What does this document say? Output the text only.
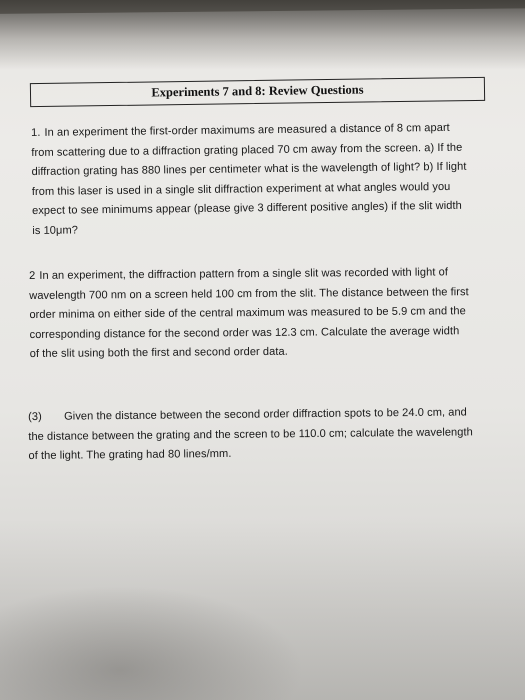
Experiments 7 and 8: Review Questions
1. In an experiment the first-order maximums are measured a distance of 8 cm apart
from scattering due to a diffraction grating placed 70 cm away from the screen. a) If the
diffraction grating has 880 lines per centimeter what is the wavelength of light? b) If light
from this laser is used in a single slit diffraction experiment at what angles would you
expect to see minimums appear (please give 3 different positive angles) if the slit width
is 10μm?
2 In an experiment, the diffraction pattern from a single slit was recorded with light of
wavelength 700 nm on a screen held 100 cm from the slit. The distance between the first
order minima on either side of the central maximum was measured to be 5.9 cm and the
corresponding distance for the second order was 12.3 cm. Calculate the average width
of the slit using both the first and second order data.
(3) Given the distance between the second order diffraction spots to be 24.0 cm, and
the distance between the grating and the screen to be 110.0 cm; calculate the wavelength
of the light. The grating had 80 lines/mm.
